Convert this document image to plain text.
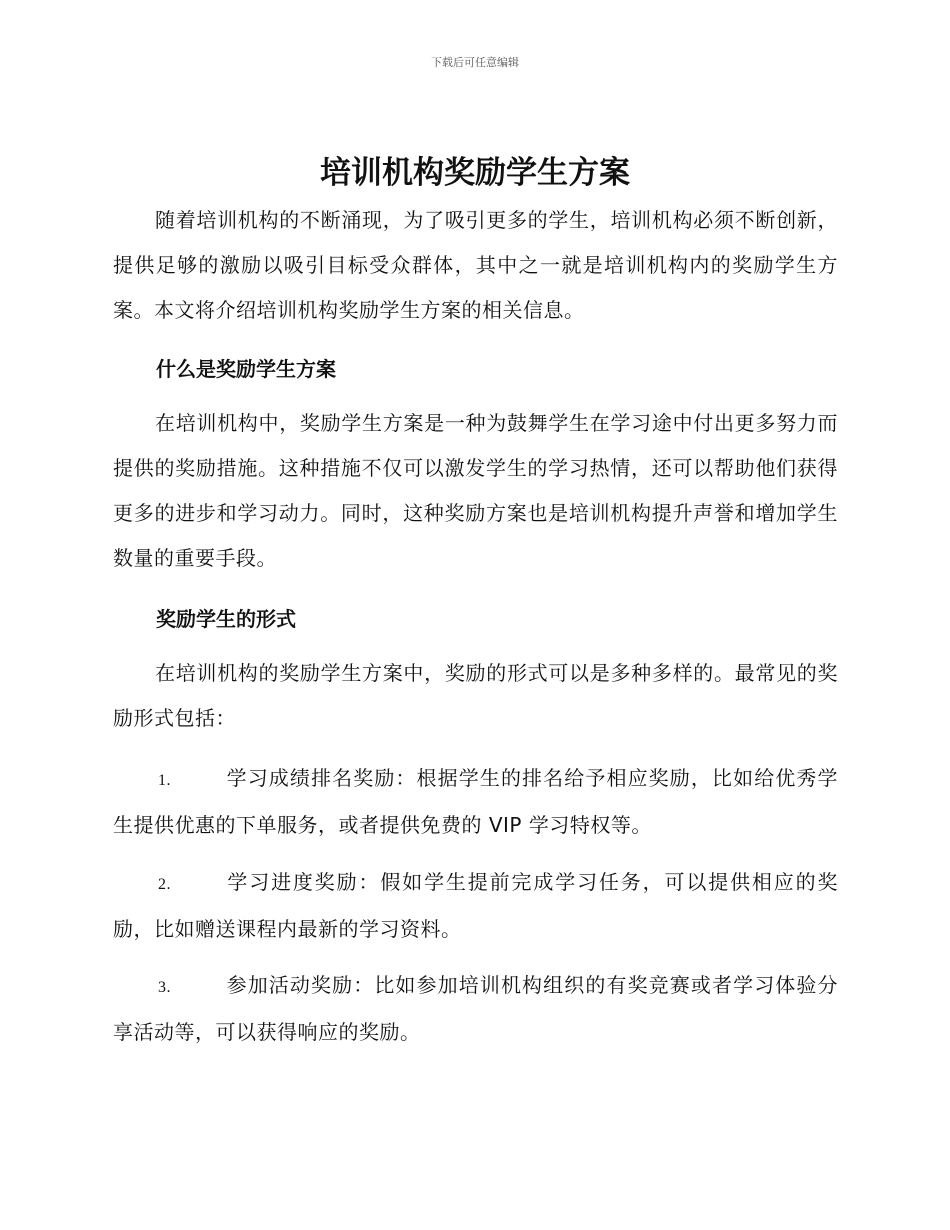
下载后可任意编辑
培训机构奖励学生方案

随着培训机构的不断涌现，为了吸引更多的学生，培训机构必须不断创新，提供足够的激励以吸引目标受众群体，其中之一就是培训机构内的奖励学生方案。本文将介绍培训机构奖励学生方案的相关信息。

什么是奖励学生方案

在培训机构中，奖励学生方案是一种为鼓舞学生在学习途中付出更多努力而提供的奖励措施。这种措施不仅可以激发学生的学习热情，还可以帮助他们获得更多的进步和学习动力。同时，这种奖励方案也是培训机构提升声誉和增加学生数量的重要手段。

奖励学生的形式

在培训机构的奖励学生方案中，奖励的形式可以是多种多样的。最常见的奖励形式包括：

1.	学习成绩排名奖励：根据学生的排名给予相应奖励，比如给优秀学生提供优惠的下单服务，或者提供免费的 VIP 学习特权等。

2.	学习进度奖励：假如学生提前完成学习任务，可以提供相应的奖励，比如赠送课程内最新的学习资料。

3.	参加活动奖励：比如参加培训机构组织的有奖竞赛或者学习体验分享活动等，可以获得响应的奖励。
